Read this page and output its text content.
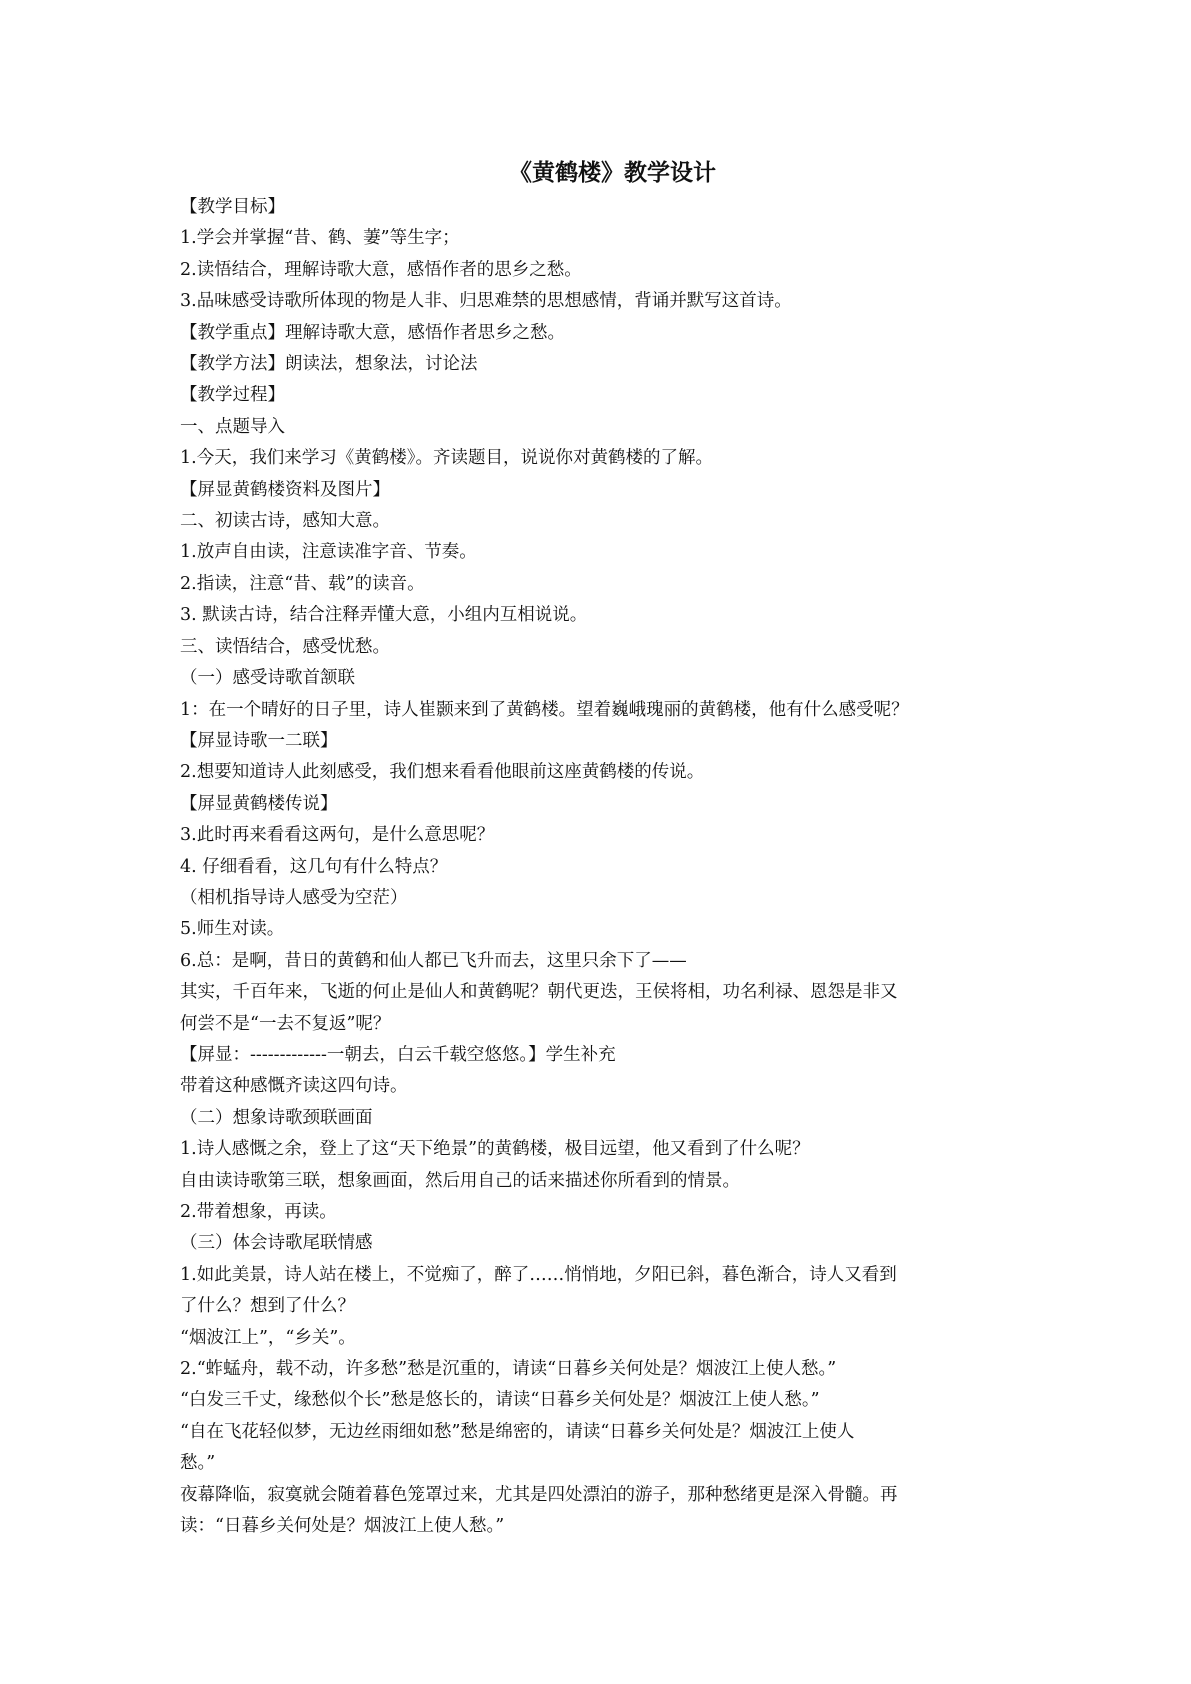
《黄鹤楼》教学设计

【教学目标】

1.学会并掌握“昔、鹤、萋”等生字；

2.读悟结合，理解诗歌大意，感悟作者的思乡之愁。

3.品味感受诗歌所体现的物是人非、归思难禁的思想感情，背诵并默写这首诗。

【教学重点】理解诗歌大意，感悟作者思乡之愁。

【教学方法】朗读法，想象法，讨论法

【教学过程】

一、点题导入

1.今天，我们来学习《黄鹤楼》。齐读题目，说说你对黄鹤楼的了解。

【屏显黄鹤楼资料及图片】

二、初读古诗，感知大意。

1.放声自由读，注意读准字音、节奏。

2.指读，注意“昔、载”的读音。

3. 默读古诗，结合注释弄懂大意，小组内互相说说。

三、读悟结合，感受忧愁。

（一）感受诗歌首颔联

1：在一个晴好的日子里，诗人崔颢来到了黄鹤楼。望着巍峨瑰丽的黄鹤楼，他有什么感受呢？

【屏显诗歌一二联】

2.想要知道诗人此刻感受，我们想来看看他眼前这座黄鹤楼的传说。

【屏显黄鹤楼传说】

3.此时再来看看这两句，是什么意思呢？

4. 仔细看看，这几句有什么特点？

（相机指导诗人感受为空茫）

5.师生对读。

6.总：是啊，昔日的黄鹤和仙人都已飞升而去，这里只余下了——

其实，千百年来，飞逝的何止是仙人和黄鹤呢？朝代更迭，王侯将相，功名利禄、恩怨是非又

何尝不是“一去不复返”呢？

【屏显：-------------一朝去，白云千载空悠悠。】学生补充

带着这种感慨齐读这四句诗。

（二）想象诗歌颈联画面

1.诗人感慨之余，登上了这“天下绝景”的黄鹤楼，极目远望，他又看到了什么呢？

自由读诗歌第三联，想象画面，然后用自己的话来描述你所看到的情景。

2.带着想象，再读。

（三）体会诗歌尾联情感

1.如此美景，诗人站在楼上，不觉痴了，醉了……悄悄地，夕阳已斜，暮色渐合，诗人又看到

了什么？想到了什么？

“烟波江上”，“乡关”。

2.“蚱蜢舟，载不动，许多愁”愁是沉重的，请读“日暮乡关何处是？烟波江上使人愁。”

“白发三千丈，缘愁似个长”愁是悠长的，请读“日暮乡关何处是？烟波江上使人愁。”

“自在飞花轻似梦，无边丝雨细如愁”愁是绵密的，请读“日暮乡关何处是？烟波江上使人

愁。”

夜幕降临，寂寞就会随着暮色笼罩过来，尤其是四处漂泊的游子，那种愁绪更是深入骨髓。再

读：“日暮乡关何处是？烟波江上使人愁。”
